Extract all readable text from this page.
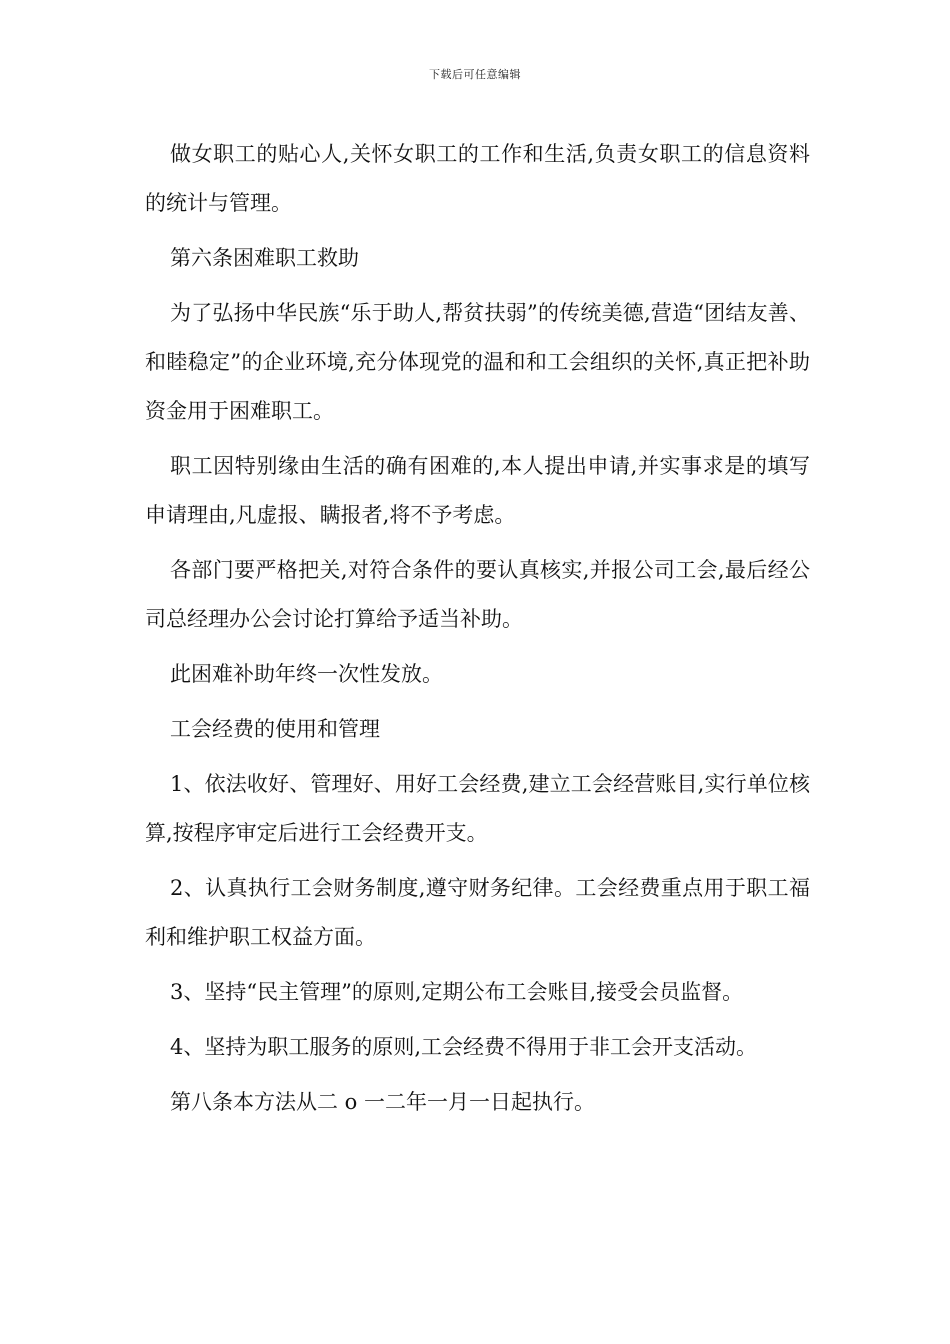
下载后可任意编辑

做女职工的贴心人,关怀女职工的工作和生活,负责女职工的信息资料的统计与管理。

第六条困难职工救助

为了弘扬中华民族“乐于助人,帮贫扶弱”的传统美德,营造“团结友善、和睦稳定”的企业环境,充分体现党的温和和工会组织的关怀,真正把补助资金用于困难职工。

职工因特别缘由生活的确有困难的,本人提出申请,并实事求是的填写申请理由,凡虚报、瞒报者,将不予考虑。

各部门要严格把关,对符合条件的要认真核实,并报公司工会,最后经公司总经理办公会讨论打算给予适当补助。

此困难补助年终一次性发放。

工会经费的使用和管理

1、依法收好、管理好、用好工会经费,建立工会经营账目,实行单位核算,按程序审定后进行工会经费开支。

2、认真执行工会财务制度,遵守财务纪律。工会经费重点用于职工福利和维护职工权益方面。

3、坚持“民主管理”的原则,定期公布工会账目,接受会员监督。

4、坚持为职工服务的原则,工会经费不得用于非工会开支活动。

第八条本方法从二 o 一二年一月一日起执行。
